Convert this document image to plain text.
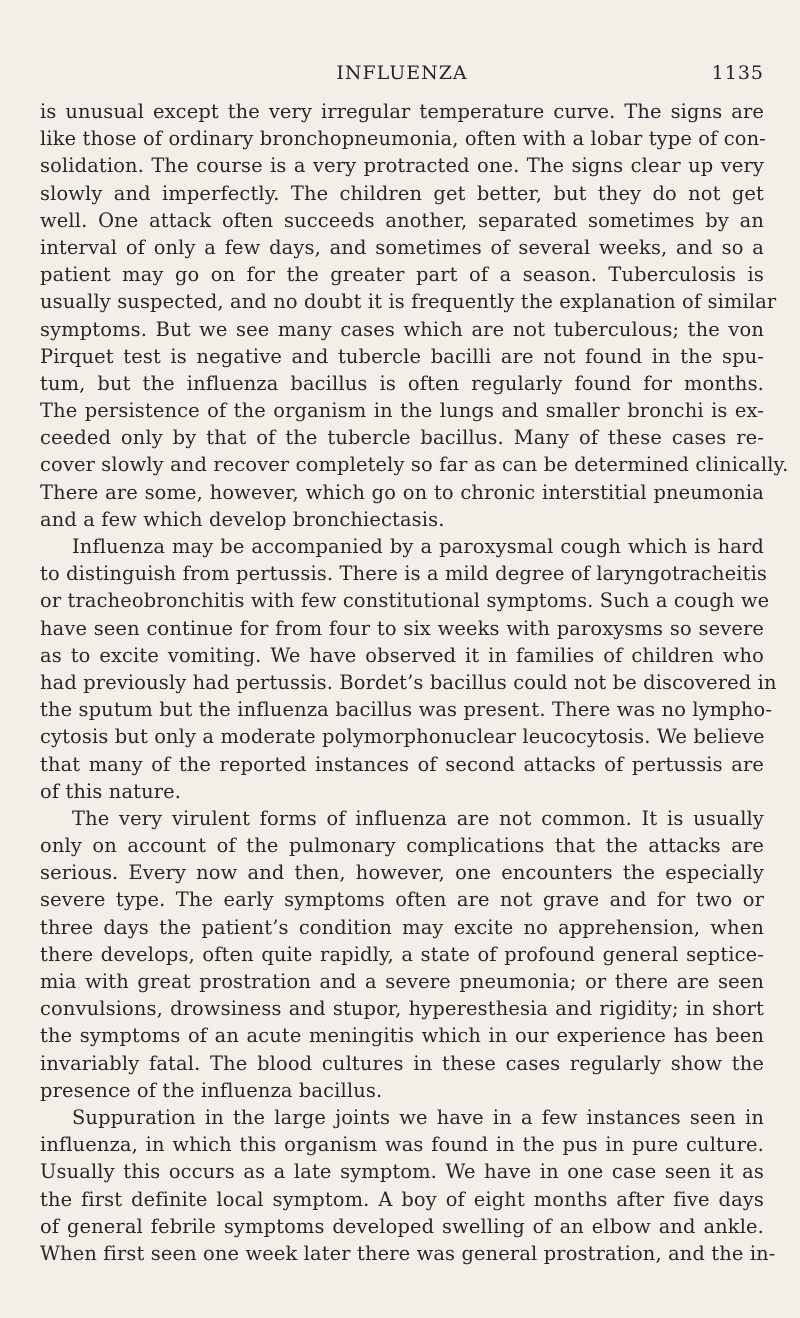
INFLUENZA	1135
is unusual except the very irregular temperature curve. The signs are
like those of ordinary bronchopneumonia, often with a lobar type of con-
solidation. The course is a very protracted one. The signs clear up very
slowly and imperfectly. The children get better, but they do not get
well. One attack often succeeds another, separated sometimes by an
interval of only a few days, and sometimes of several weeks, and so a
patient may go on for the greater part of a season. Tuberculosis is
usually suspected, and no doubt it is frequently the explanation of similar
symptoms. But we see many cases which are not tuberculous; the von
Pirquet test is negative and tubercle bacilli are not found in the spu-
tum, but the influenza bacillus is often regularly found for months.
The persistence of the organism in the lungs and smaller bronchi is ex-
ceeded only by that of the tubercle bacillus. Many of these cases re-
cover slowly and recover completely so far as can be determined clinically.
There are some, however, which go on to chronic interstitial pneumonia
and a few which develop bronchiectasis.
Influenza may be accompanied by a paroxysmal cough which is hard
to distinguish from pertussis. There is a mild degree of laryngotracheitis
or tracheobronchitis with few constitutional symptoms. Such a cough we
have seen continue for from four to six weeks with paroxysms so severe
as to excite vomiting. We have observed it in families of children who
had previously had pertussis. Bordet’s bacillus could not be discovered in
the sputum but the influenza bacillus was present. There was no lympho-
cytosis but only a moderate polymorphonuclear leucocytosis. We believe
that many of the reported instances of second attacks of pertussis are
of this nature.
The very virulent forms of influenza are not common. It is usually
only on account of the pulmonary complications that the attacks are
serious. Every now and then, however, one encounters the especially
severe type. The early symptoms often are not grave and for two or
three days the patient’s condition may excite no apprehension, when
there develops, often quite rapidly, a state of profound general septice-
mia with great prostration and a severe pneumonia; or there are seen
convulsions, drowsiness and stupor, hyperesthesia and rigidity; in short
the symptoms of an acute meningitis which in our experience has been
invariably fatal. The blood cultures in these cases regularly show the
presence of the influenza bacillus.
Suppuration in the large joints we have in a few instances seen in
influenza, in which this organism was found in the pus in pure culture.
Usually this occurs as a late symptom. We have in one case seen it as
the first definite local symptom. A boy of eight months after five days
of general febrile symptoms developed swelling of an elbow and ankle.
When first seen one week later there was general prostration, and the in-
